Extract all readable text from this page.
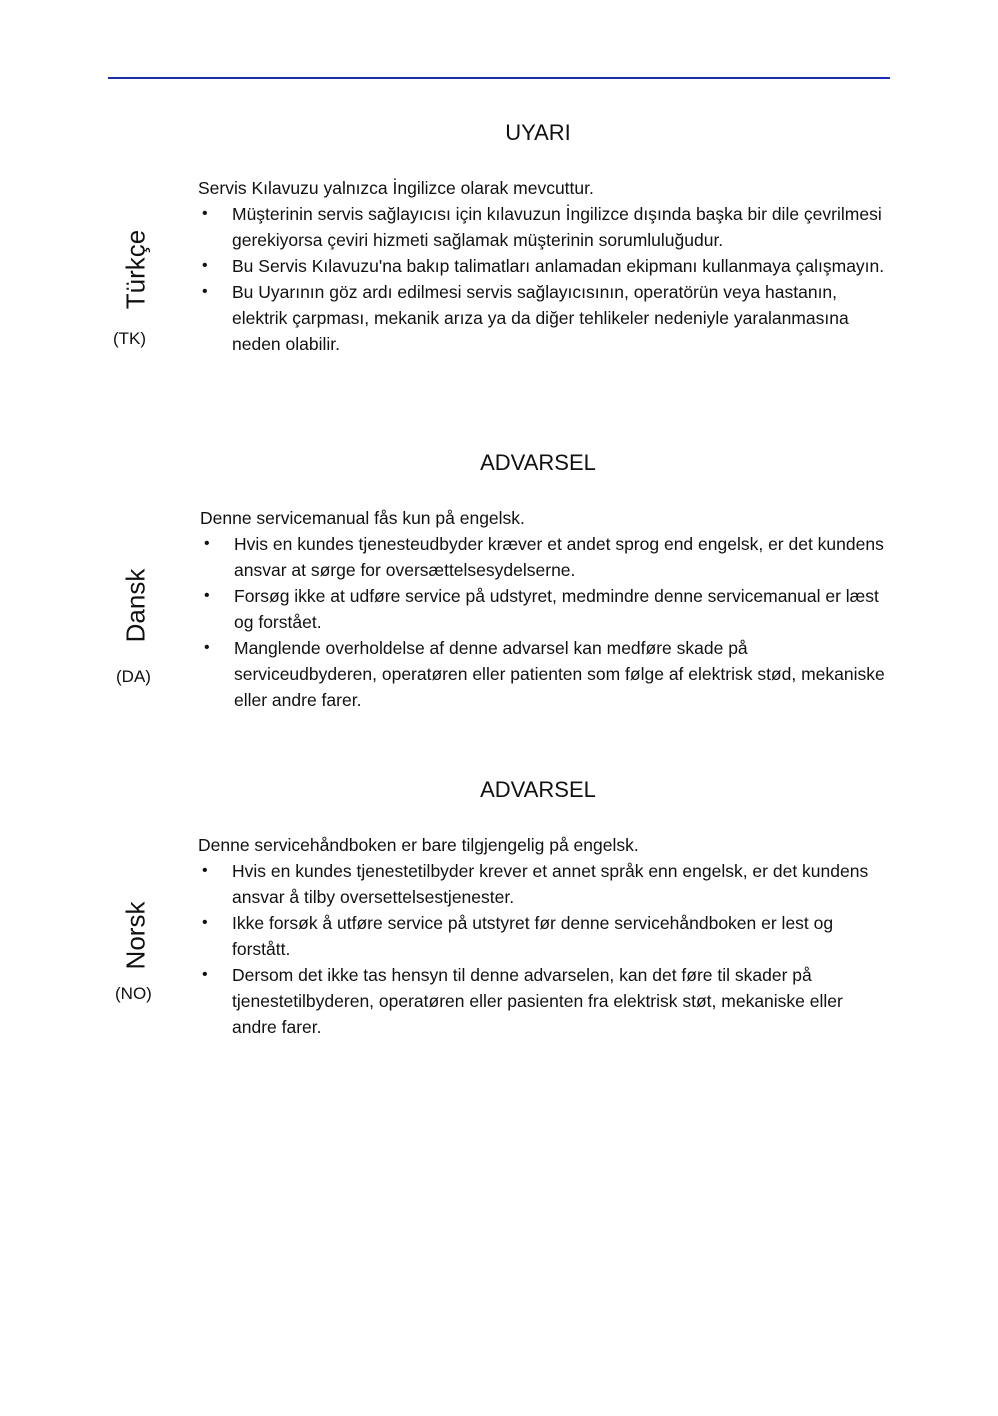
UYARI
Türkçe
(TK)

Servis Kılavuzu yalnızca İngilizce olarak mevcuttur.

• Müşterinin servis sağlayıcısı için kılavuzun İngilizce dışında başka bir dile çevrilmesi gerekiyorsa çeviri hizmeti sağlamak müşterinin sorumluluğudur.
• Bu Servis Kılavuzu'na bakıp talimatları anlamadan ekipmanı kullanmaya çalışmayın.
• Bu Uyarının göz ardı edilmesi servis sağlayıcısının, operatörün veya hastanın, elektrik çarpması, mekanik arıza ya da diğer tehlikeler nedeniyle yaralanmasına neden olabilir.
ADVARSEL
Dansk
(DA)

Denne servicemanual fås kun på engelsk.

• Hvis en kundes tjenesteudbyder kræver et andet sprog end engelsk, er det kundens ansvar at sørge for oversættelsesydelserne.
• Forsøg ikke at udføre service på udstyret, medmindre denne servicemanual er læst og forstået.
• Manglende overholdelse af denne advarsel kan medføre skade på serviceudbyderen, operatøren eller patienten som følge af elektrisk stød, mekaniske eller andre farer.
ADVARSEL
Norsk
(NO)

Denne servicehåndboken er bare tilgjengelig på engelsk.

• Hvis en kundes tjenestetilbyder krever et annet språk enn engelsk, er det kundens ansvar å tilby oversettelsestjenester.
• Ikke forsøk å utføre service på utstyret før denne servicehåndboken er lest og forstått.
• Dersom det ikke tas hensyn til denne advarselen, kan det føre til skader på tjenestetilbyderen, operatøren eller pasienten fra elektrisk støt, mekaniske eller andre farer.
